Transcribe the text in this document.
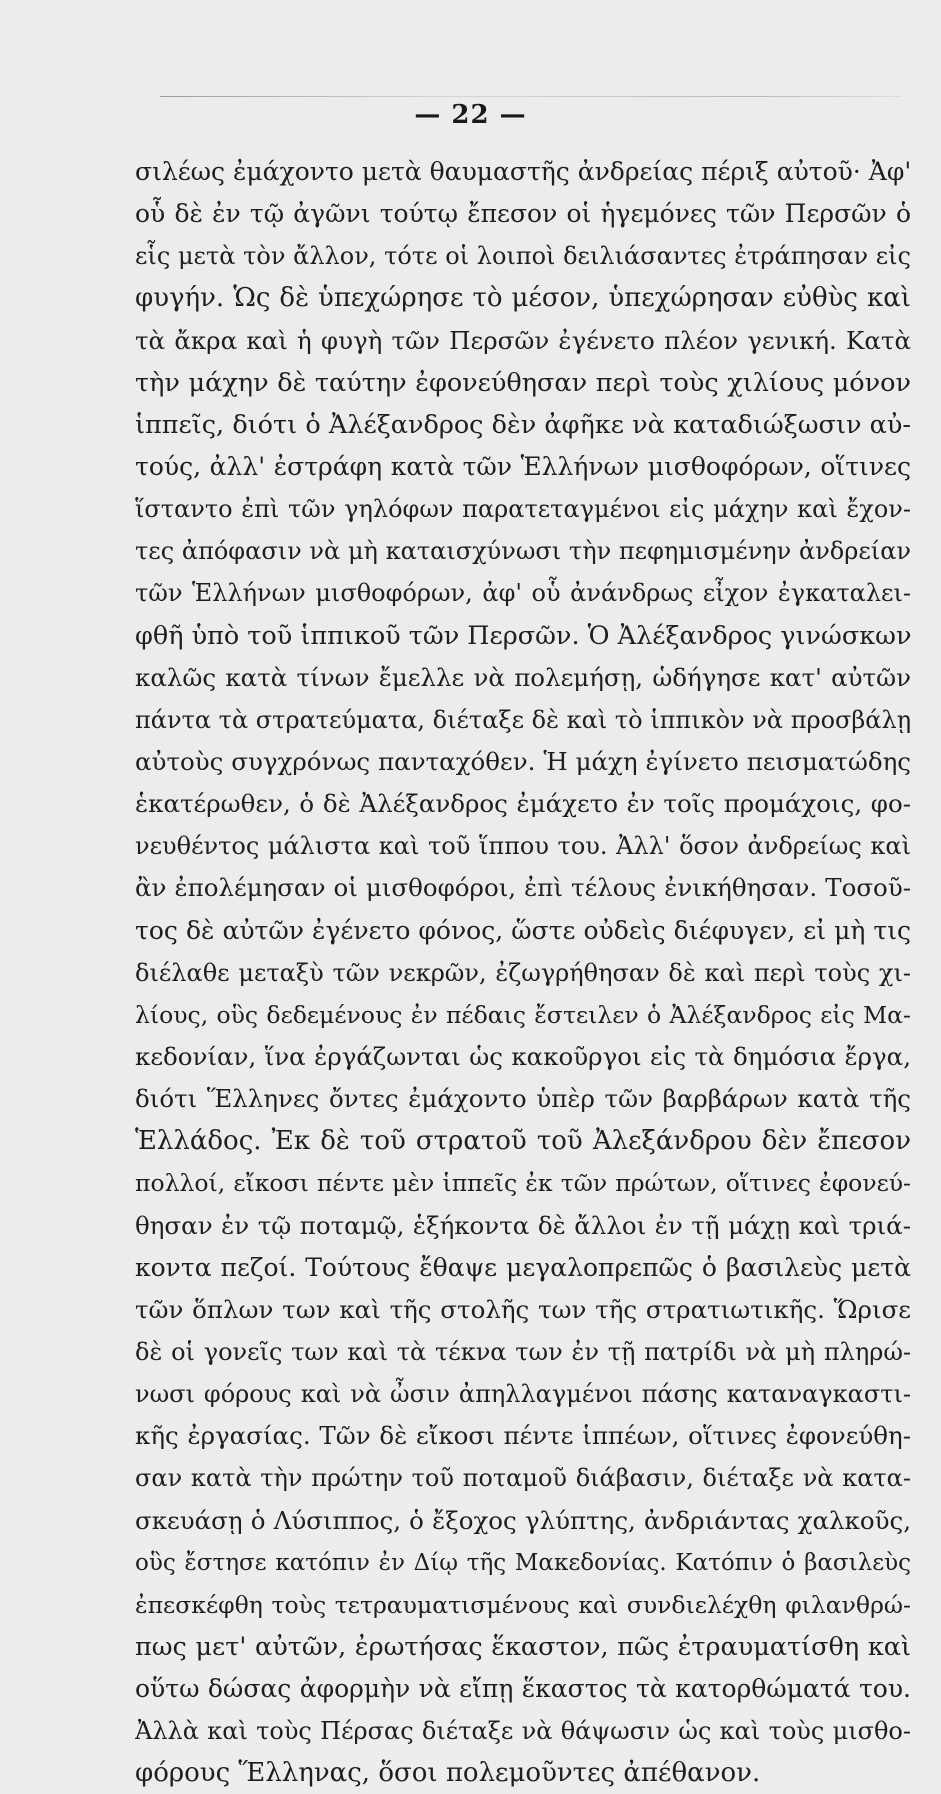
— 22 —
σιλέως ἐμάχοντο μετὰ θαυμαστῆς ἀνδρείας πέριξ αὐτοῦ· Ἀφ'
οὗ δὲ ἐν τῷ ἀγῶνι τούτῳ ἔπεσον οἱ ἡγεμόνες τῶν Περσῶν ὁ
εἷς μετὰ τὸν ἄλλον, τότε οἱ λοιποὶ δειλιάσαντες ἐτράπησαν εἰς
φυγήν. Ὡς δὲ ὑπεχώρησε τὸ μέσον, ὑπεχώρησαν εὐθὺς καὶ
τὰ ἄκρα καὶ ἡ φυγὴ τῶν Περσῶν ἐγένετο πλέον γενική. Κατὰ
τὴν μάχην δὲ ταύτην ἐφονεύθησαν περὶ τοὺς χιλίους μόνον
ἱππεῖς, διότι ὁ Ἀλέξανδρος δὲν ἀφῆκε νὰ καταδιώξωσιν αὐ-
τούς, ἀλλ' ἐστράφη κατὰ τῶν Ἑλλήνων μισθοφόρων, οἵτινες
ἵσταντο ἐπὶ τῶν γηλόφων παρατεταγμένοι εἰς μάχην καὶ ἔχον-
τες ἀπόφασιν νὰ μὴ καταισχύνωσι τὴν πεφημισμένην ἀνδρείαν
τῶν Ἑλλήνων μισθοφόρων, ἀφ' οὗ ἀνάνδρως εἶχον ἐγκαταλει-
φθῆ ὑπὸ τοῦ ἱππικοῦ τῶν Περσῶν. Ὁ Ἀλέξανδρος γινώσκων
καλῶς κατὰ τίνων ἔμελλε νὰ πολεμήσῃ, ὡδήγησε κατ' αὐτῶν
πάντα τὰ στρατεύματα, διέταξε δὲ καὶ τὸ ἱππικὸν νὰ προσβάλῃ
αὐτοὺς συγχρόνως πανταχόθεν. Ἡ μάχη ἐγίνετο πεισματώδης
ἑκατέρωθεν, ὁ δὲ Ἀλέξανδρος ἐμάχετο ἐν τοῖς προμάχοις, φο-
νευθέντος μάλιστα καὶ τοῦ ἵππου του. Ἀλλ' ὅσον ἀνδρείως καὶ
ἂν ἐπολέμησαν οἱ μισθοφόροι, ἐπὶ τέλους ἐνικήθησαν. Τοσοῦ-
τος δὲ αὐτῶν ἐγένετο φόνος, ὥστε οὐδεὶς διέφυγεν, εἰ μὴ τις
διέλαθε μεταξὺ τῶν νεκρῶν, ἐζωγρήθησαν δὲ καὶ περὶ τοὺς χι-
λίους, οὓς δεδεμένους ἐν πέδαις ἔστειλεν ὁ Ἀλέξανδρος εἰς Μα-
κεδονίαν, ἵνα ἐργάζωνται ὡς κακοῦργοι εἰς τὰ δημόσια ἔργα,
διότι Ἕλληνες ὄντες ἐμάχοντο ὑπὲρ τῶν βαρβάρων κατὰ τῆς
Ἑλλάδος. Ἐκ δὲ τοῦ στρατοῦ τοῦ Ἀλεξάνδρου δὲν ἔπεσον
πολλοί, εἴκοσι πέντε μὲν ἱππεῖς ἐκ τῶν πρώτων, οἵτινες ἐφονεύ-
θησαν ἐν τῷ ποταμῷ, ἑξήκοντα δὲ ἄλλοι ἐν τῇ μάχῃ καὶ τριά-
κοντα πεζοί. Τούτους ἔθαψε μεγαλοπρεπῶς ὁ βασιλεὺς μετὰ
τῶν ὅπλων των καὶ τῆς στολῆς των τῆς στρατιωτικῆς. Ὥρισε
δὲ οἱ γονεῖς των καὶ τὰ τέκνα των ἐν τῇ πατρίδι νὰ μὴ πληρώ-
νωσι φόρους καὶ νὰ ὦσιν ἀπηλλαγμένοι πάσης καταναγκαστι-
κῆς ἐργασίας. Τῶν δὲ εἴκοσι πέντε ἱππέων, οἵτινες ἐφονεύθη-
σαν κατὰ τὴν πρώτην τοῦ ποταμοῦ διάβασιν, διέταξε νὰ κατα-
σκευάσῃ ὁ Λύσιππος, ὁ ἔξοχος γλύπτης, ἀνδριάντας χαλκοῦς,
οὓς ἔστησε κατόπιν ἐν Δίῳ τῆς Μακεδονίας. Κατόπιν ὁ βασιλεὺς
ἐπεσκέφθη τοὺς τετραυματισμένους καὶ συνδιελέχθη φιλανθρώ-
πως μετ' αὐτῶν, ἐρωτήσας ἕκαστον, πῶς ἐτραυματίσθη καὶ
οὕτω δώσας ἀφορμὴν νὰ εἴπῃ ἕκαστος τὰ κατορθώματά του.
Ἀλλὰ καὶ τοὺς Πέρσας διέταξε νὰ θάψωσιν ὡς καὶ τοὺς μισθο-
φόρους Ἕλληνας, ὅσοι πολεμοῦντες ἀπέθανον.
